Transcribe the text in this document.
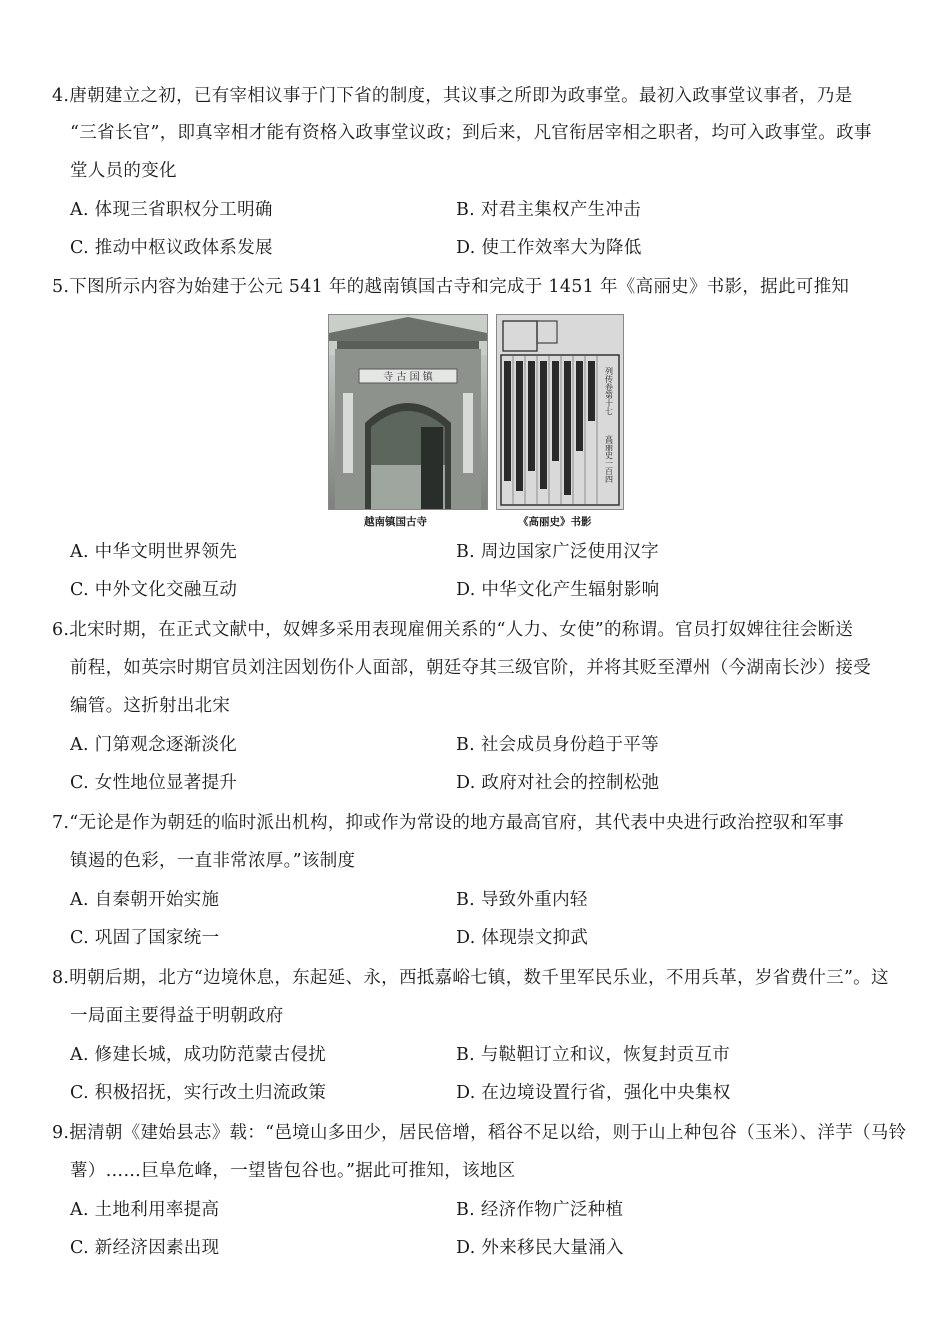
4.唐朝建立之初，已有宰相议事于门下省的制度，其议事之所即为政事堂。最初入政事堂议事者，乃是
“三省长官”，即真宰相才能有资格入政事堂议政；到后来，凡官衔居宰相之职者，均可入政事堂。政事
堂人员的变化
A. 体现三省职权分工明确	B. 对君主集权产生冲击
C. 推动中枢议政体系发展	D. 使工作效率大为降低
5.下图所示内容为始建于公元 541 年的越南镇国古寺和完成于 1451 年《高丽史》书影，据此可推知
寺 古 国 镇	列传卷第十七
高丽史一百四
越南镇国古寺	《高丽史》书影
A. 中华文明世界领先	B. 周边国家广泛使用汉字
C. 中外文化交融互动	D. 中华文化产生辐射影响
6.北宋时期，在正式文献中，奴婢多采用表现雇佣关系的“人力、女使”的称谓。官员打奴婢往往会断送
前程，如英宗时期官员刘注因划伤仆人面部，朝廷夺其三级官阶，并将其贬至潭州（今湖南长沙）接受
编管。这折射出北宋
A. 门第观念逐渐淡化	B. 社会成员身份趋于平等
C. 女性地位显著提升	D. 政府对社会的控制松弛
7.“无论是作为朝廷的临时派出机构，抑或作为常设的地方最高官府，其代表中央进行政治控驭和军事
镇遏的色彩，一直非常浓厚。”该制度
A. 自秦朝开始实施	B. 导致外重内轻
C. 巩固了国家统一	D. 体现崇文抑武
8.明朝后期，北方“边境休息，东起延、永，西抵嘉峪七镇，数千里军民乐业，不用兵革，岁省费什三”。这
一局面主要得益于明朝政府
A. 修建长城，成功防范蒙古侵扰	B. 与鞑靼订立和议，恢复封贡互市
C. 积极招抚，实行改土归流政策	D. 在边境设置行省，强化中央集权
9.据清朝《建始县志》载：“邑境山多田少，居民倍增，稻谷不足以给，则于山上种包谷（玉米）、洋芋（马铃
薯）……巨阜危峰，一望皆包谷也。”据此可推知，该地区
A. 土地利用率提高	B. 经济作物广泛种植
C. 新经济因素出现	D. 外来移民大量涌入
